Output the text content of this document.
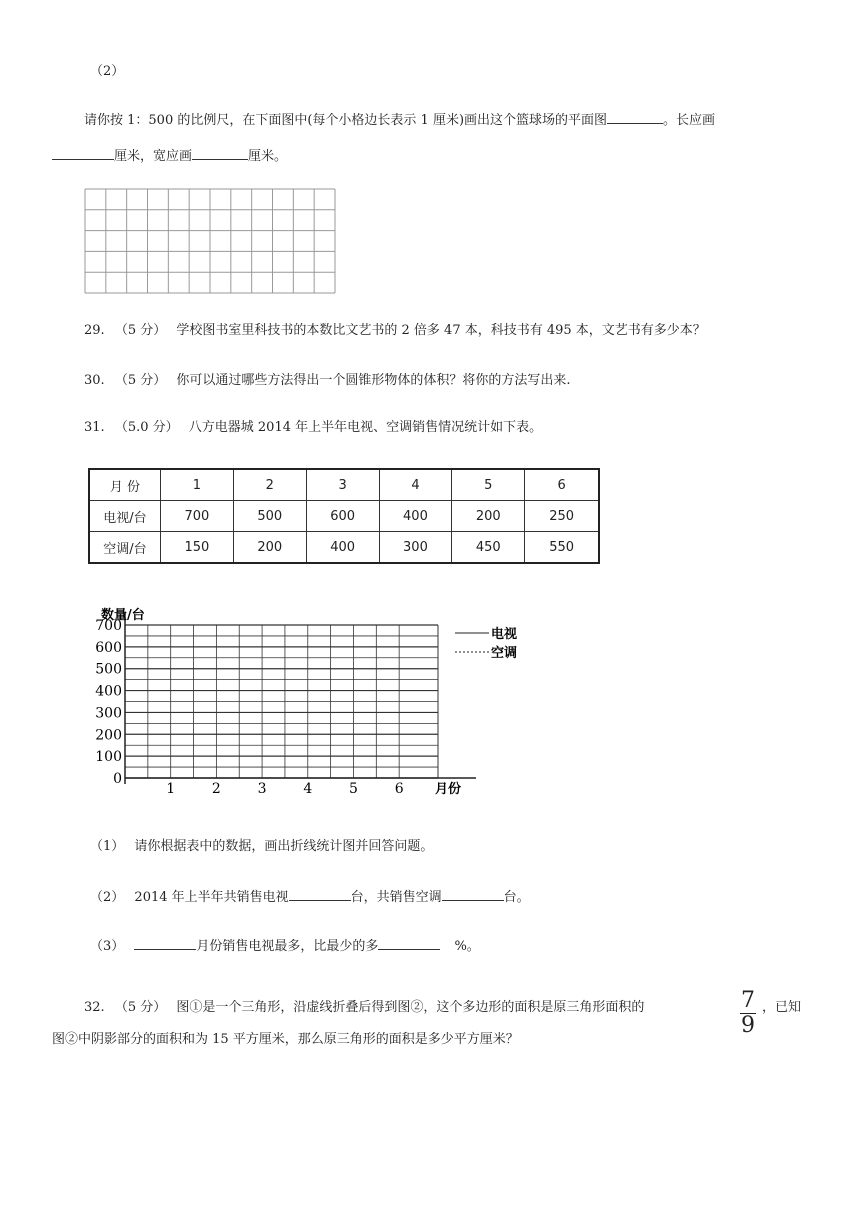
（2）
请你按 1：500 的比例尺，在下面图中(每个小格边长表示 1 厘米)画出这个篮球场的平面图	。长应画
厘米，宽应画	厘米。
29. （5 分） 学校图书室里科技书的本数比文艺书的 2 倍多 47 本，科技书有 495 本，文艺书有多少本？
30. （5 分） 你可以通过哪些方法得出一个圆锥形物体的体积？将你的方法写出来.
31. （5.0 分） 八方电器城 2014 年上半年电视、空调销售情况统计如下表。
月 份	1	2	3	4	5	6
电视/台	700	500	600	400	200	250
空调/台	150	200	400	300	450	550
0
100
200
300
400
500
600
700
1	2	3	4	5	6
数量/台
月份
电视
空调
（1） 请你根据表中的数据，画出折线统计图并回答问题。
（2） 2014 年上半年共销售电视	台，共销售空调	台。
（3）	月份销售电视最多，比最少的多	%。
32. （5 分） 图①是一个三角形，沿虚线折叠后得到图②，这个多边形的面积是原三角形面积的	7
9
，已知
图②中阴影部分的面积和为 15 平方厘米，那么原三角形的面积是多少平方厘米？
